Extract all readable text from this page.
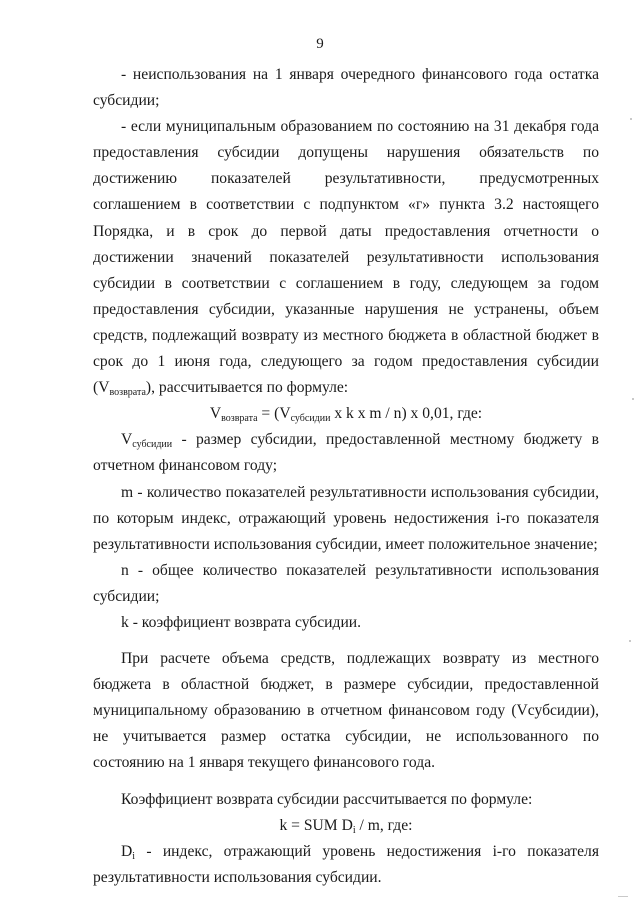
9

- неиспользования на 1 января очередного финансового года остатка субсидии;

- если муниципальным образованием по состоянию на 31 декабря года предоставления субсидии допущены нарушения обязательств по достижению показателей результативности, предусмотренных соглашением в соответствии с подпунктом «г» пункта 3.2 настоящего Порядка, и в срок до первой даты предоставления отчетности о достижении значений показателей результативности использования субсидии в соответствии с соглашением в году, следующем за годом предоставления субсидии, указанные нарушения не устранены, объем средств, подлежащий возврату из местного бюджета в областной бюджет в срок до 1 июня года, следующего за годом предоставления субсидии $(V_{возврата})$, рассчитывается по формуле:

$V_{возврата} = (V_{субсидии}$ x k x m / n) x 0,01, где:

$V_{субсидии}$ - размер субсидии, предоставленной местному бюджету в отчетном финансовом году;

m - количество показателей результативности использования субсидии, по которым индекс, отражающий уровень недостижения i-го показателя результативности использования субсидии, имеет положительное значение;

n - общее количество показателей результативности использования субсидии;

k - коэффициент возврата субсидии.

При расчете объема средств, подлежащих возврату из местного бюджета в областной бюджет, в размере субсидии, предоставленной муниципальному образованию в отчетном финансовом году (Vсубсидии), не учитывается размер остатка субсидии, не использованного по состоянию на 1 января текущего финансового года.

Коэффициент возврата субсидии рассчитывается по формуле:

k = SUM $D_i$ / m, где:

$D_i$ - индекс, отражающий уровень недостижения i-го показателя результативности использования субсидии.
